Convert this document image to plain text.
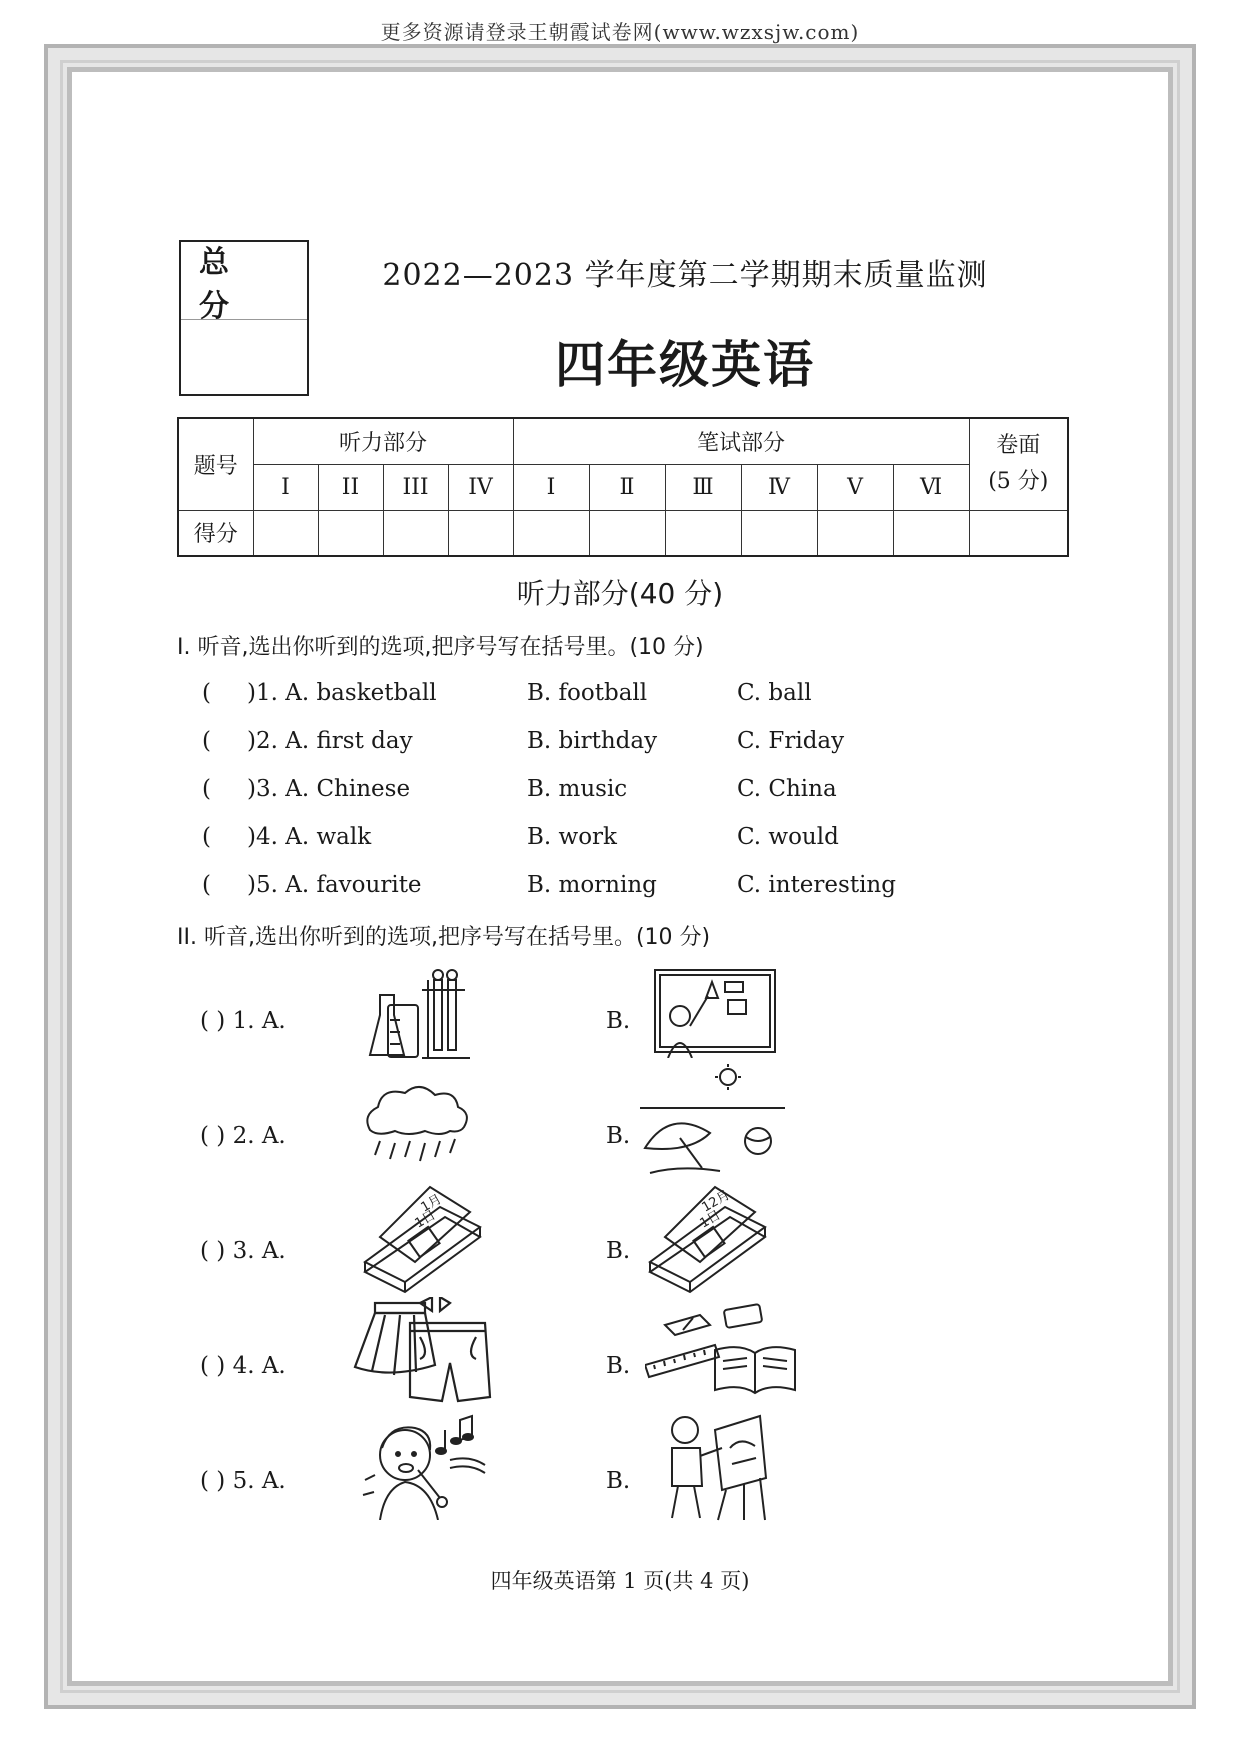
更多资源请登录王朝霞试卷网(www.wzxsjw.com)
总 分
2022—2023 学年度第二学期期末质量监测
四年级英语
题号	听力部分				笔试部分						卷面
(5 分)

	I	II	III	IV	I	Ⅱ	Ⅲ	Ⅳ	Ⅴ	Ⅵ	
得分											
听力部分(40 分)
I. 听音,选出你听到的选项,把序号写在括号里。(10 分)
( )1. A. basketball	B. football	C. ball
( )2. A. first day	B. birthday	C. Friday
( )3. A. Chinese	B. music	C. China
( )4. A. walk	B. work	C. would
( )5. A. favourite	B. morning	C. interesting
II. 听音,选出你听到的选项,把序号写在括号里。(10 分)
( ) 1. A.	B.
( ) 2. A.	B.
( ) 3. A.
1月
1日
B.
12月
1日
( ) 4. A.	B.
( ) 5. A.	B.
四年级英语第 1 页(共 4 页)
